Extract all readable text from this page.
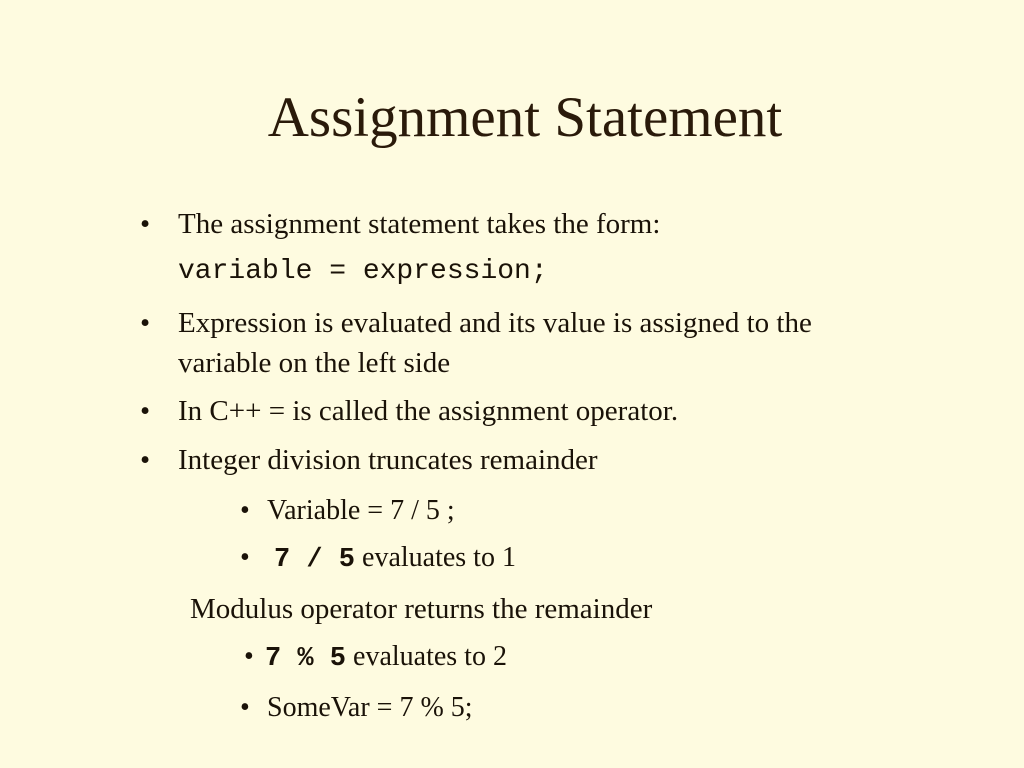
Assignment Statement
• The assignment statement takes the form:
variable = expression;
• Expression is evaluated and its value is assigned to the
variable on the left side
• In C++ = is called the assignment operator.
• Integer division truncates remainder
• Variable = 7 / 5 ;
• 7 / 5 evaluates to 1
Modulus operator returns the remainder
• 7 % 5 evaluates to 2
• SomeVar = 7 % 5;
